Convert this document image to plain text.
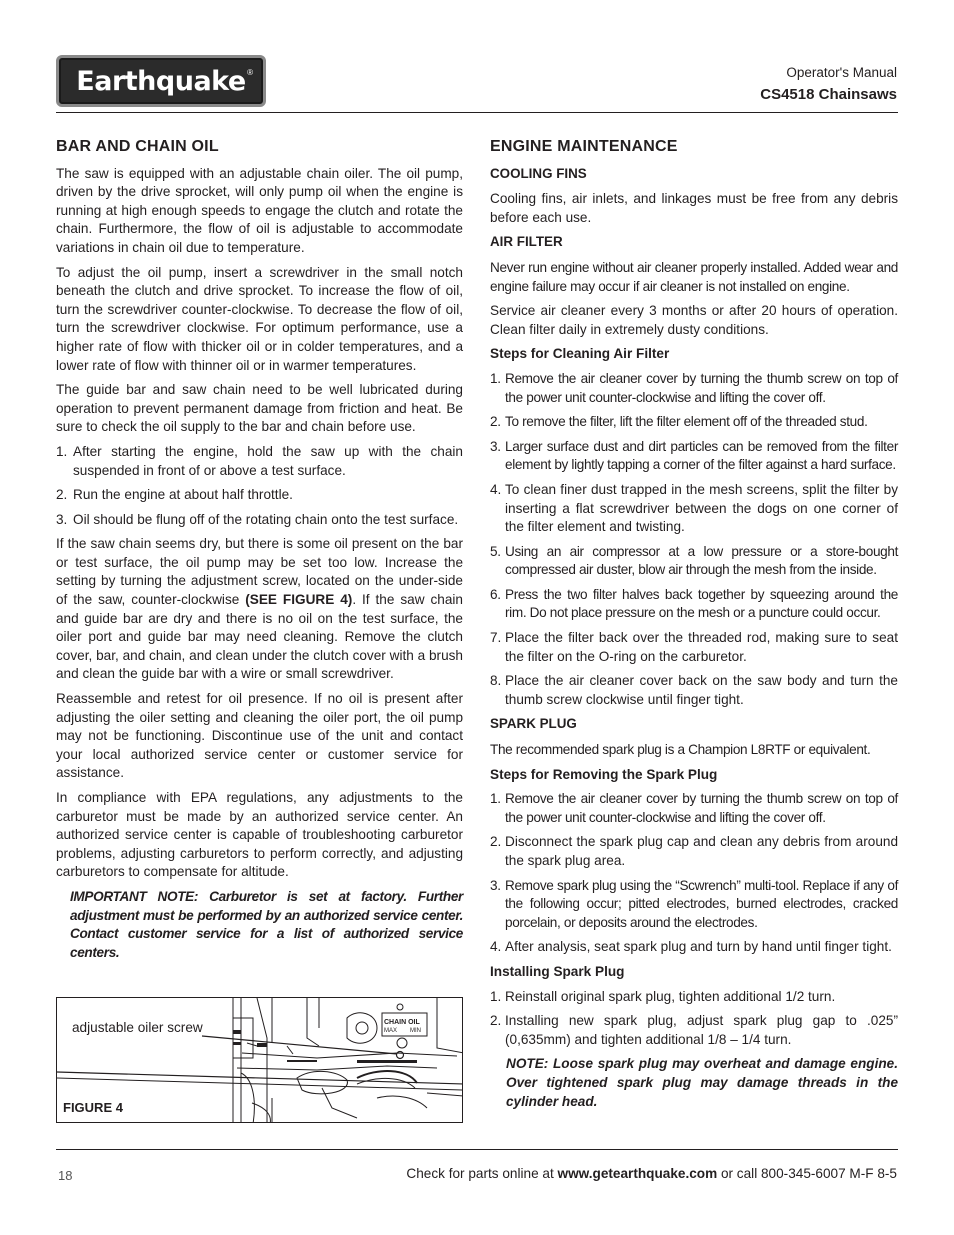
Earthquake®	Operator's Manual
CS4518 Chainsaws
BAR AND CHAIN OIL

The saw is equipped with an adjustable chain oiler. The oil pump, driven by the drive sprocket, will only pump oil when the engine is running at high enough speeds to engage the clutch and rotate the chain. Furthermore, the flow of oil is adjustable to accommodate variations in chain oil due to temperature.

To adjust the oil pump, insert a screwdriver in the small notch beneath the clutch and drive sprocket. To increase the flow of oil, turn the screwdriver counter-clockwise. To decrease the flow of oil, turn the screwdriver clockwise. For optimum performance, use a higher rate of flow with thicker oil or in colder temperatures, and a lower rate of flow with thinner oil or in warmer temperatures.

The guide bar and saw chain need to be well lubricated during operation to prevent permanent damage from friction and heat. Be sure to check the oil supply to the bar and chain before use.

1. After starting the engine, hold the saw up with the chain suspended in front of or above a test surface.
2. Run the engine at about half throttle.
3. Oil should be flung off of the rotating chain onto the test surface.

If the saw chain seems dry, but there is some oil present on the bar or test surface, the oil pump may be set too low. Increase the setting by turning the adjustment screw, located on the under-side of the saw, counter-clockwise (SEE FIGURE 4). If the saw chain and guide bar are dry and there is no oil on the test surface, the oiler port and guide bar may need cleaning. Remove the clutch cover, bar, and chain, and clean under the clutch cover with a brush and clean the guide bar with a wire or small screwdriver.

Reassemble and retest for oil presence. If no oil is present after adjusting the oiler setting and cleaning the oiler port, the oil pump may not be functioning. Discontinue use of the unit and contact your local authorized service center or customer service for assistance.

In compliance with EPA regulations, any adjustments to the carburetor must be made by an authorized service center. An authorized service center is capable of troubleshooting carburetor problems, adjusting carburetors to perform correctly, and adjusting carburetors to compensate for altitude.

IMPORTANT NOTE: Carburetor is set at factory. Further adjustment must be performed by an authorized service center. Contact customer service for a list of authorized service centers.

CHAIN OIL
MAX MIN
adjustable oiler screw
FIGURE 4
ENGINE MAINTENANCE
COOLING FINS

Cooling fins, air inlets, and linkages must be free from any debris before each use.

AIR FILTER

Never run engine without air cleaner properly installed. Added wear and engine failure may occur if air cleaner is not installed on engine.

Service air cleaner every 3 months or after 20 hours of operation. Clean filter daily in extremely dusty conditions.

Steps for Cleaning Air Filter
1. Remove the air cleaner cover by turning the thumb screw on top of the power unit counter-clockwise and lifting the cover off.
2. To remove the filter, lift the filter element off of the threaded stud.
3. Larger surface dust and dirt particles can be removed from the filter element by lightly tapping a corner of the filter against a hard surface.
4. To clean finer dust trapped in the mesh screens, split the filter by inserting a flat screwdriver between the dogs on one corner of the filter element and twisting.
5. Using an air compressor at a low pressure or a store-bought compressed air duster, blow air through the mesh from the inside.
6. Press the two filter halves back together by squeezing around the rim. Do not place pressure on the mesh or a puncture could occur.
7. Place the filter back over the threaded rod, making sure to seat the filter on the O-ring on the carburetor.
8. Place the air cleaner cover back on the saw body and turn the thumb screw clockwise until finger tight.
SPARK PLUG

The recommended spark plug is a Champion L8RTF or equivalent.

Steps for Removing the Spark Plug
1. Remove the air cleaner cover by turning the thumb screw on top of the power unit counter-clockwise and lifting the cover off.
2. Disconnect the spark plug cap and clean any debris from around the spark plug area.
3. Remove spark plug using the “Scwrench” multi-tool. Replace if any of the following occur; pitted electrodes, burned electrodes, cracked porcelain, or deposits around the electrodes.
4. After analysis, seat spark plug and turn by hand until finger tight.
Installing Spark Plug
1. Reinstall original spark plug, tighten additional 1/2 turn.
2. Installing new spark plug, adjust spark plug gap to .025” (0,635mm) and tighten additional 1/8 – 1/4 turn.

NOTE: Loose spark plug may overheat and damage engine. Over tightened spark plug may damage threads in the cylinder head.

18	Check for parts online at www.getearthquake.com or call 800-345-6007 M-F 8-5
